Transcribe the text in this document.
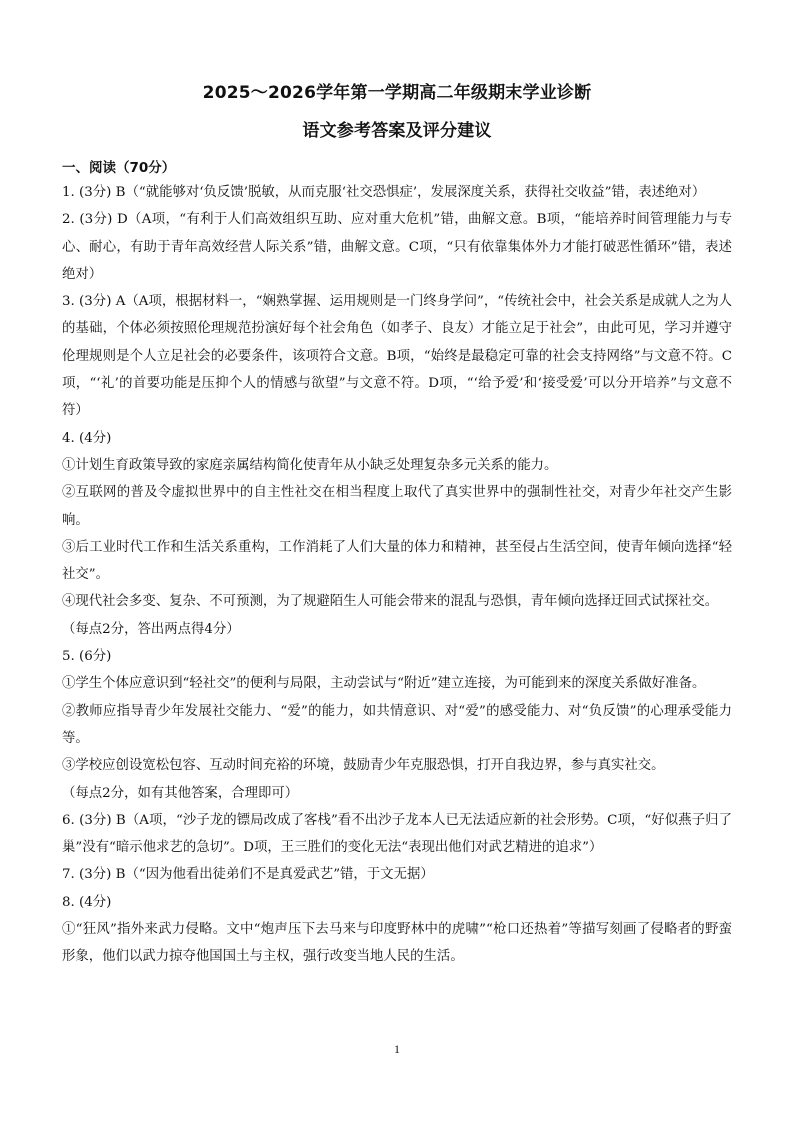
2025～2026学年第一学期高二年级期末学业诊断
语文参考答案及评分建议
一、阅读（70分）

1. (3分) B（“就能够对‘负反馈’脱敏，从而克服‘社交恐惧症’，发展深度关系，获得社交收益”错，表述绝对）

2. (3分) D（A项，“有利于人们高效组织互助、应对重大危机”错，曲解文意。B项，“能培养时间管理能力与专心、耐心，有助于青年高效经营人际关系”错，曲解文意。C项，“只有依靠集体外力才能打破恶性循环”错，表述绝对）

3. (3分) A（A项，根据材料一，“娴熟掌握、运用规则是一门终身学问”，“传统社会中，社会关系是成就人之为人的基础，个体必须按照伦理规范扮演好每个社会角色（如孝子、良友）才能立足于社会”，由此可见，学习并遵守伦理规则是个人立足社会的必要条件，该项符合文意。B项，“始终是最稳定可靠的社会支持网络”与文意不符。C项，“‘礼’的首要功能是压抑个人的情感与欲望”与文意不符。D项，“‘给予爱’和‘接受爱’可以分开培养”与文意不符）

4. (4分)

①计划生育政策导致的家庭亲属结构简化使青年从小缺乏处理复杂多元关系的能力。

②互联网的普及令虚拟世界中的自主性社交在相当程度上取代了真实世界中的强制性社交，对青少年社交产生影响。

③后工业时代工作和生活关系重构，工作消耗了人们大量的体力和精神，甚至侵占生活空间，使青年倾向选择“轻社交”。

④现代社会多变、复杂、不可预测，为了规避陌生人可能会带来的混乱与恐惧，青年倾向选择迂回式试探社交。

（每点2分，答出两点得4分）

5. (6分)

①学生个体应意识到“轻社交”的便利与局限，主动尝试与“附近”建立连接，为可能到来的深度关系做好准备。

②教师应指导青少年发展社交能力、“爱”的能力，如共情意识、对“爱”的感受能力、对“负反馈”的心理承受能力等。

③学校应创设宽松包容、互动时间充裕的环境，鼓励青少年克服恐惧，打开自我边界，参与真实社交。

（每点2分，如有其他答案，合理即可）

6. (3分) B（A项，“沙子龙的镖局改成了客栈”看不出沙子龙本人已无法适应新的社会形势。C项，“好似燕子归了巢”没有“暗示他求艺的急切”。D项，王三胜们的变化无法“表现出他们对武艺精进的追求”）

7. (3分) B（“因为他看出徒弟们不是真爱武艺”错，于文无据）

8. (4分)

①“狂风”指外来武力侵略。文中“炮声压下去马来与印度野林中的虎啸”“枪口还热着”等描写刻画了侵略者的野蛮形象，他们以武力掠夺他国国土与主权，强行改变当地人民的生活。

1
